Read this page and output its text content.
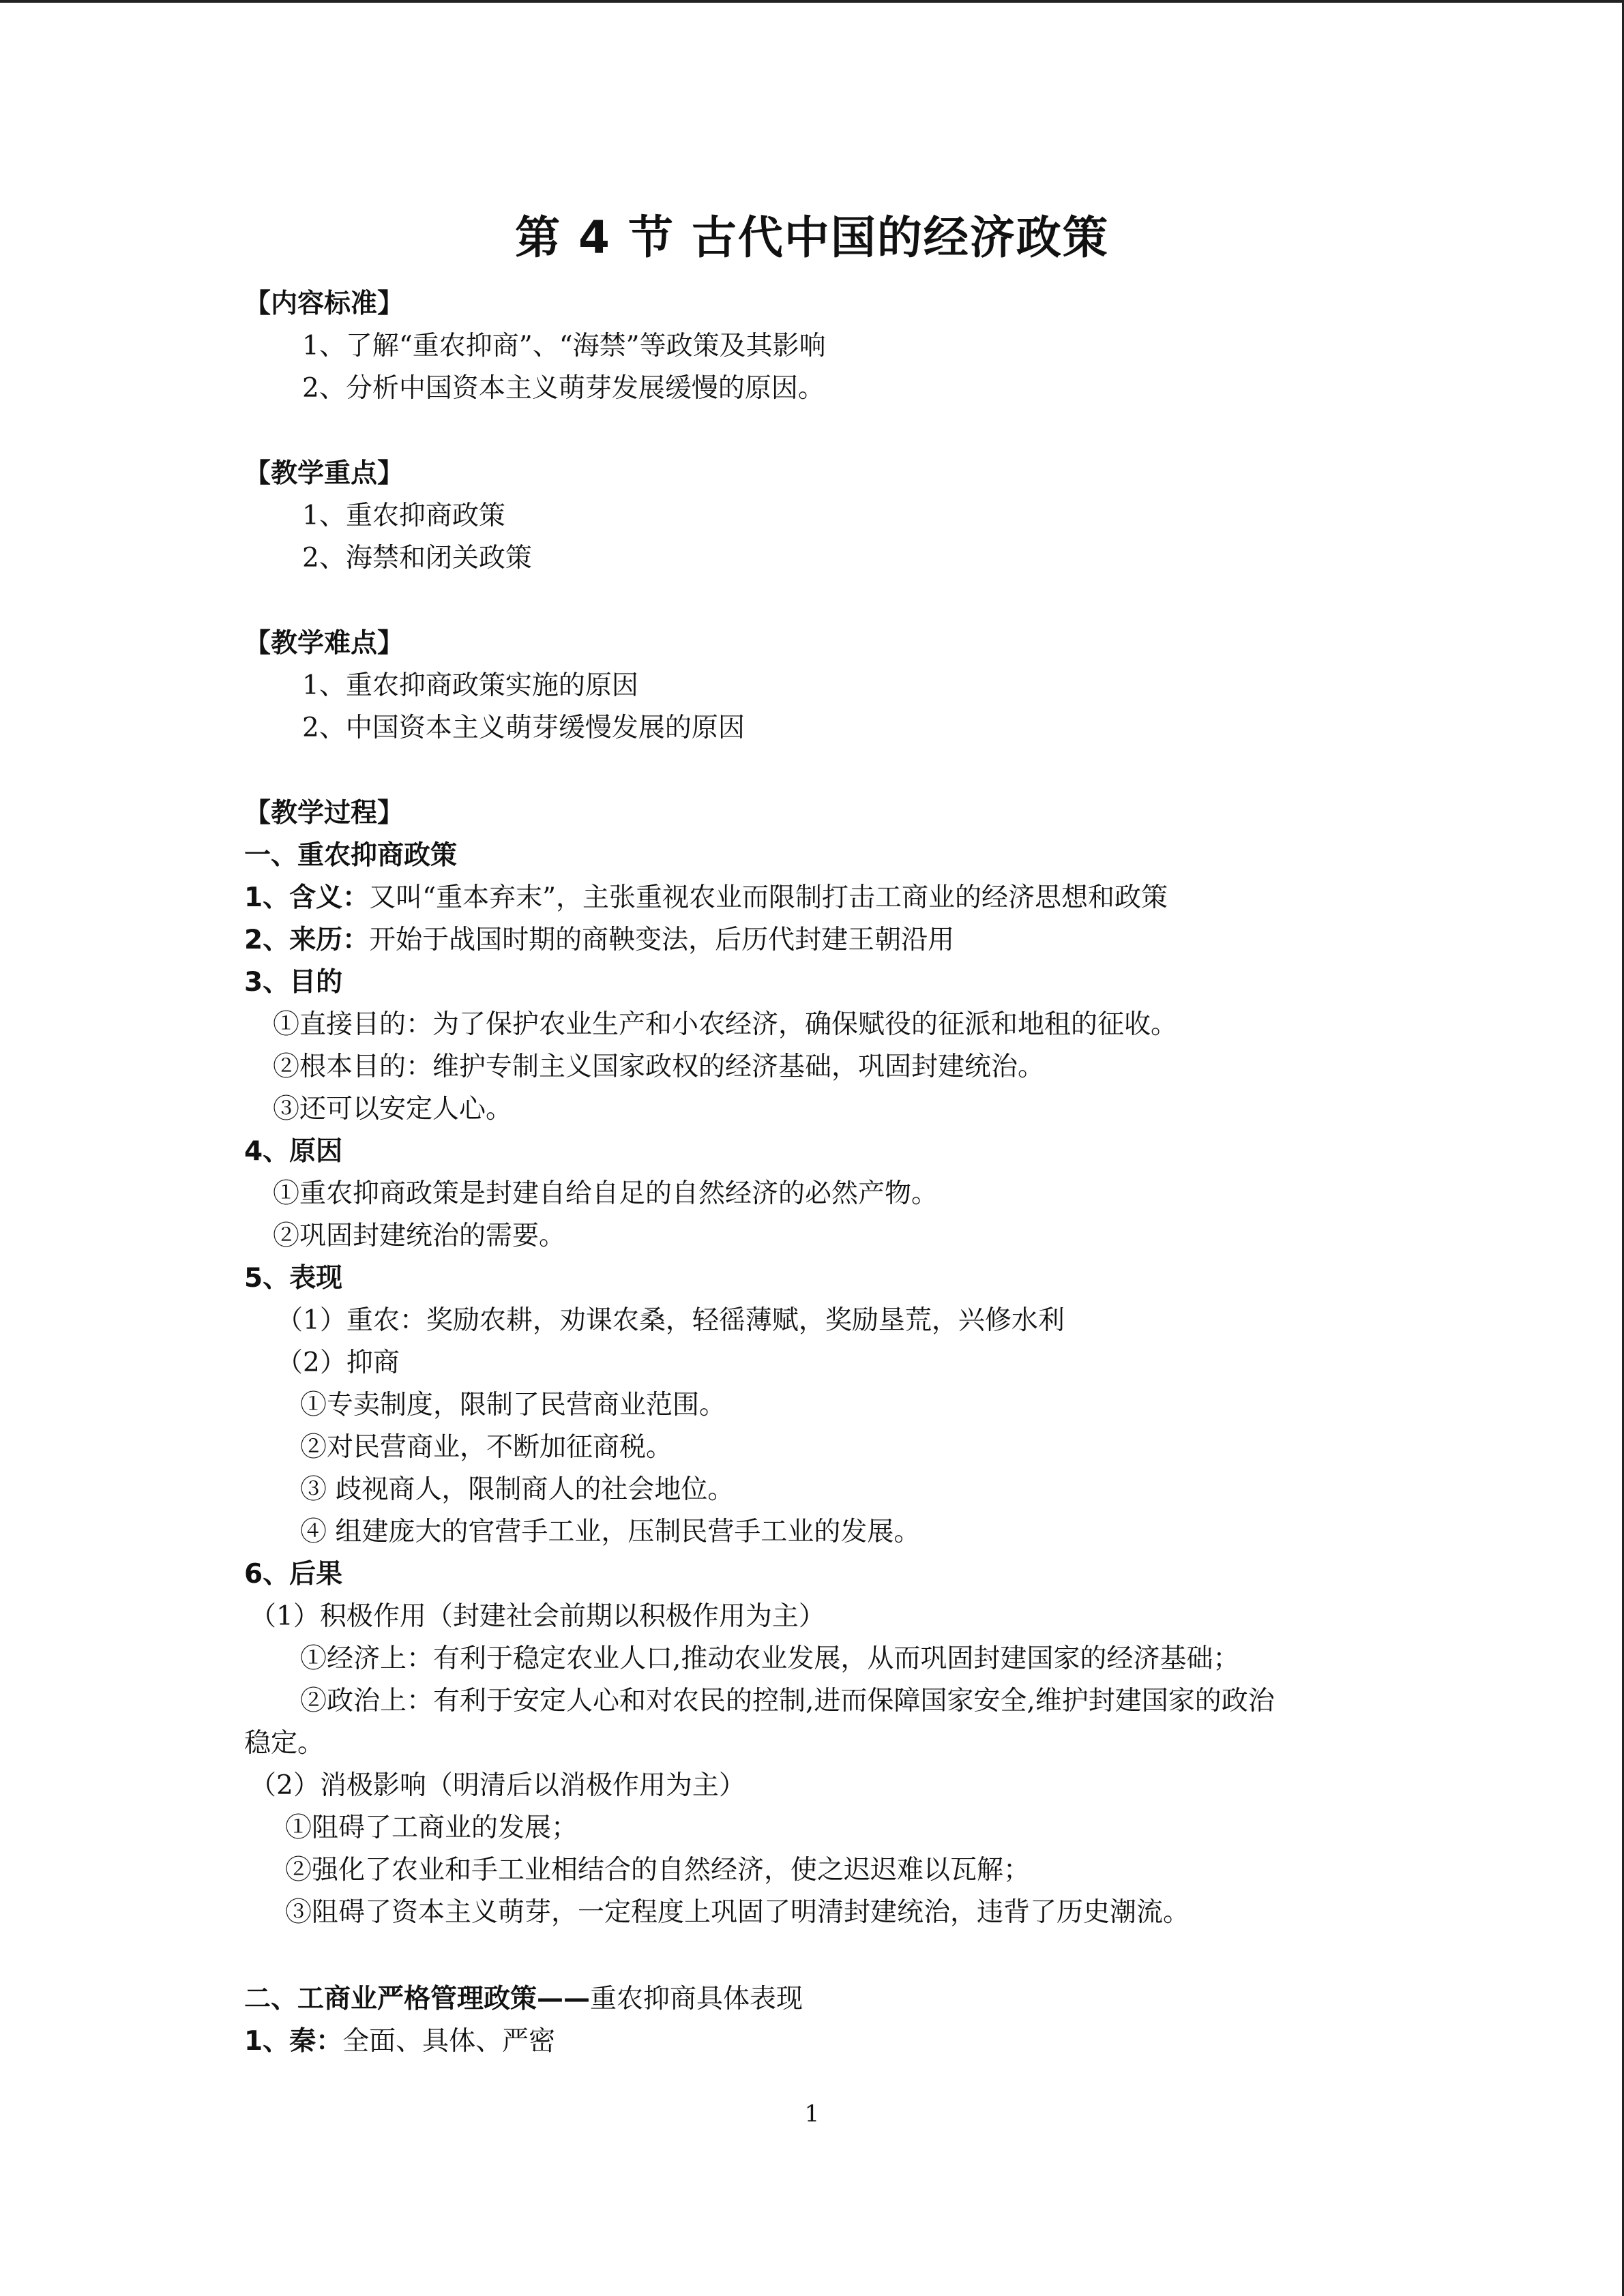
第 4 节 古代中国的经济政策
【内容标准】
1、了解“重农抑商”、“海禁”等政策及其影响
2、分析中国资本主义萌芽发展缓慢的原因。
【教学重点】
1、重农抑商政策
2、海禁和闭关政策
【教学难点】
1、重农抑商政策实施的原因
2、中国资本主义萌芽缓慢发展的原因
【教学过程】
一、重农抑商政策
1、含义：又叫“重本弃末”，主张重视农业而限制打击工商业的经济思想和政策
2、来历：开始于战国时期的商鞅变法，后历代封建王朝沿用
3、目的
①直接目的：为了保护农业生产和小农经济，确保赋役的征派和地租的征收。
②根本目的：维护专制主义国家政权的经济基础，巩固封建统治。
③还可以安定人心。
4、原因
①重农抑商政策是封建自给自足的自然经济的必然产物。
②巩固封建统治的需要。
5、表现
（1）重农：奖励农耕，劝课农桑，轻徭薄赋，奖励垦荒，兴修水利
（2）抑商
①专卖制度，限制了民营商业范围。
②对民营商业，不断加征商税。
③ 歧视商人，限制商人的社会地位。
④ 组建庞大的官营手工业，压制民营手工业的发展。
6、后果
（1）积极作用（封建社会前期以积极作用为主）
①经济上：有利于稳定农业人口,推动农业发展，从而巩固封建国家的经济基础；
②政治上：有利于安定人心和对农民的控制,进而保障国家安全,维护封建国家的政治
稳定。
（2）消极影响（明清后以消极作用为主）
①阻碍了工商业的发展；
②强化了农业和手工业相结合的自然经济，使之迟迟难以瓦解；
③阻碍了资本主义萌芽，一定程度上巩固了明清封建统治，违背了历史潮流。
二、工商业严格管理政策——重农抑商具体表现
1、秦：全面、具体、严密
1
